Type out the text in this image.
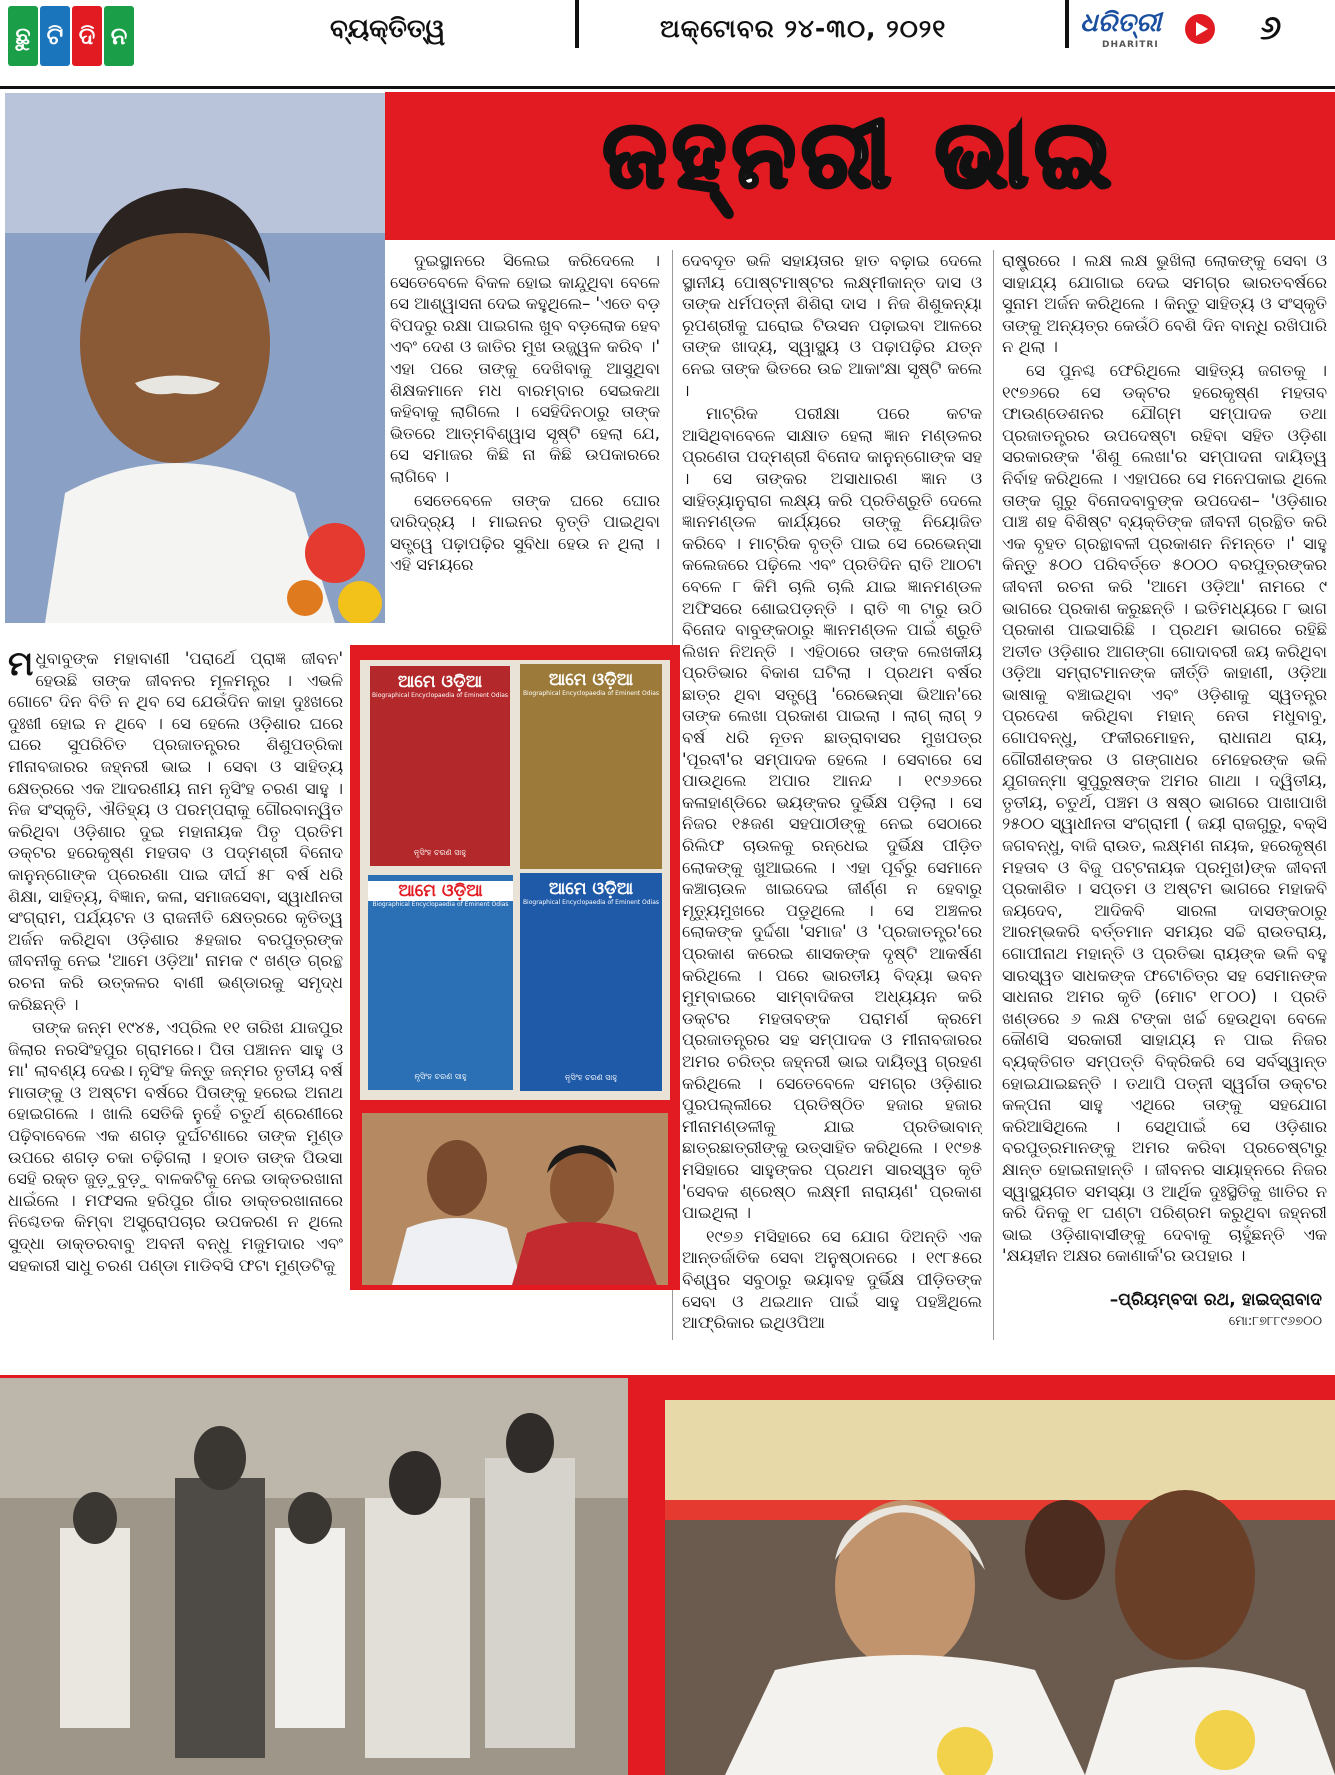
ଛୁ ଟି ଦି ନ	ବ୍ୟକ୍ତିତ୍ୱ	ଅକ୍ଟୋବର ୨୪-୩୦, ୨୦୨୧	ଧରିତ୍ରୀ
DHARITRI	୬
ଜହ୍ନରୀ ଭାଇ

ଦୁଇସ୍ଥାନରେ ସିଲେଇ କରିଦେଲେ । ସେତେବେଳେ ବିକଳ ହୋଇ କାନ୍ଦୁଥିବା ବେଳେ ସେ ଆଶ୍ୱାସନା ଦେଇ କହୁଥିଲେ– 'ଏତେ ବଡ଼ ବିପଦରୁ ରକ୍ଷା ପାଇଗଲ ଖୁବ ବଡ଼ଲୋକ ହେବ ଏବଂ ଦେଶ ଓ ଜାତିର ମୁଖ ଉଜ୍ଜ୍ୱଳ କରିବ ।' ଏହା ପରେ ତାଙ୍କୁ ଦେଖିବାକୁ ଆସୁଥିବା ଶିକ୍ଷକମାନେ ମଧ ବାରମ୍ବାର ସେଇକଥା କହିବାକୁ ଲାଗିଲେ । ସେହିଦିନଠାରୁ ତାଙ୍କ ଭିତରେ ଆତ୍ମବିଶ୍ୱାସ ସୃଷ୍ଟି ହେଲା ଯେ, ସେ ସମାଜର କିଛି ନା କିଛି ଉପକାରରେ ଲାଗିବେ ।

ସେତେବେଳେ ତାଙ୍କ ଘରେ ଘୋର ଦାରିଦ୍ର୍ୟ । ମାଇନର ବୃତ୍ତି ପାଇଥିବା ସତ୍ତ୍ୱେ ପଢ଼ାପଢ଼ିର ସୁବିଧା ହେଉ ନ ଥିଲା । ଏହି ସମୟରେ

ଦେବଦୂତ ଭଳି ସହାୟତାର ହାତ ବଢ଼ାଇ ଦେଲେ ସ୍ଥାନୀୟ ପୋଷ୍ଟମାଷ୍ଟର ଲକ୍ଷ୍ମୀକାନ୍ତ ଦାସ ଓ ତାଙ୍କ ଧର୍ମପତ୍ନୀ ଶିଶିରା ଦାସ । ନିଜ ଶିଶୁକନ୍ୟା ରୂପଶ୍ରୀକୁ ଘରୋଇ ଟିଉସନ ପଢ଼ାଇବା ଆଳରେ ତାଙ୍କ ଖାଦ୍ୟ, ସ୍ୱାସ୍ଥ୍ୟ ଓ ପଢ଼ାପଢ଼ିର ଯତ୍ନ ନେଇ ତାଙ୍କ ଭିତରେ ଉଚ୍ଚ ଆକାଂକ୍ଷା ସୃଷ୍ଟି କଲେ ।

ମାଟ୍ରିକ ପରୀକ୍ଷା ପରେ କଟକ ଆସିଥିବାବେଳେ ସାକ୍ଷାତ ହେଲା ଜ୍ଞାନ ମଣ୍ଡଳର ପ୍ରଣେତା ପଦ୍ମଶ୍ରୀ ବିନୋଦ କାନୁନ୍‌ଗୋଙ୍କ ସହ । ସେ ତାଙ୍କର ଅସାଧାରଣ ଜ୍ଞାନ ଓ ସାହିତ୍ୟାନୁରାଗ ଲକ୍ଷ୍ୟ କରି ପ୍ରତିଶ୍ରୁତି ଦେଲେ ଜ୍ଞାନମଣ୍ଡଳ କାର୍ଯ୍ୟରେ ତାଙ୍କୁ ନିୟୋଜିତ କରିବେ । ମାଟ୍ରିକ ବୃତ୍ତି ପାଇ ସେ ରେଭେନ୍ସା କଲେଜରେ ପଢ଼ିଲେ ଏବଂ ପ୍ରତିଦିନ ରାତି ଆଠଟା ବେଳେ ୮ କିମି ଚାଲି ଚାଲି ଯାଇ ଜ୍ଞାନମଣ୍ଡଳ ଅଫିସରେ ଶୋଇପଡ଼ନ୍ତି । ରାତି ୩ ଟାରୁ ଉଠି ବିନୋଦ ବାବୁଙ୍କଠାରୁ ଜ୍ଞାନମଣ୍ଡଳ ପାଇଁ ଶ୍ରୁତି ଲିଖନ ନିଅନ୍ତି । ଏହିଠାରେ ତାଙ୍କ ଲେଖକୀୟ ପ୍ରତିଭାର ବିକାଶ ଘଟିଲା । ପ୍ରଥମ ବର୍ଷର ଛାତ୍ର ଥିବା ସତ୍ତ୍ୱେ 'ରେଭେନ୍ସା ଭିଆନ'ରେ ତାଙ୍କ ଲେଖା ପ୍ରକାଶ ପାଇଲା । ଲାଗ୍ ଲାଗ୍ ୨ ବର୍ଷ ଧରି ନୂତନ ଛାତ୍ରାବାସର ମୁଖପତ୍ର 'ପୂରବୀ'ର ସମ୍ପାଦକ ହେଲେ । ସେବାରେ ସେ ପାଉଥିଲେ ଅପାର ଆନନ୍ଦ । ୧୯୬୬ରେ କଳାହାଣ୍ଡିରେ ଭୟଙ୍କର ଦୁର୍ଭିକ୍ଷ ପଡ଼ିଲା । ସେ ନିଜର ୧୫ଜଣ ସହପାଠୀଙ୍କୁ ନେଇ ସେଠାରେ ରିଲିଫ ଚାଉଳକୁ ରନ୍ଧେଇ ଦୁର୍ଭିକ୍ଷ ପୀଡ଼ିତ ଲୋକଙ୍କୁ ଖୁଆଇଲେ । ଏହା ପୂର୍ବରୁ ସେମାନେ କଞ୍ଚାଚାଉଳ ଖାଇଦେଇ ଜୀର୍ଣ୍ଣ ନ ହେବାରୁ ମୃତ୍ୟୁମୁଖରେ ପଡୁଥିଲେ । ସେ ଅଞ୍ଚଳର ଲୋକଙ୍କ ଦୁର୍ଦ୍ଦଶା 'ସମାଜ' ଓ 'ପ୍ରଜାତନ୍ତ୍ର'ରେ ପ୍ରକାଶ କରେଇ ଶାସକଙ୍କ ଦୃଷ୍ଟି ଆକର୍ଷଣ କରିଥିଲେ । ପରେ ଭାରତୀୟ ବିଦ୍ୟା ଭବନ ମୁମ୍ବାଇରେ ସାମ୍ବାଦିକତା ଅଧ୍ୟୟନ କରି ଡକ୍ଟର ମହତାବଙ୍କ ପରାମର୍ଶ କ୍ରମେ ପ୍ରଜାତନ୍ତ୍ରର ସହ ସମ୍ପାଦକ ଓ ମୀନାବଜାରର ଅମର ଚରିତ୍ର ଜହ୍ନରୀ ଭାଇ ଦାୟିତ୍ୱ ଗ୍ରହଣ କରିଥିଲେ । ସେତେବେଳେ ସମଗ୍ର ଓଡ଼ିଶାର ପୁରପଲ୍ଲୀରେ ପ୍ରତିଷ୍ଠିତ ହଜାର ହଜାର ମୀନାମଣ୍ଡଳୀକୁ ଯାଇ ପ୍ରତିଭାବାନ୍ ଛାତ୍ରଛାତ୍ରୀଙ୍କୁ ଉତ୍ସାହିତ କରିଥିଲେ । ୧୯୭୫ ମସିହାରେ ସାହୁଙ୍କର ପ୍ରଥମ ସାରସ୍ୱତ କୃତି 'ସେବକ ଶ୍ରେଷ୍ଠ ଲକ୍ଷ୍ମୀ ନାରାୟଣ' ପ୍ରକାଶ ପାଇଥିଲା ।

୧୯୭୬ ମସିହାରେ ସେ ଯୋଗ ଦିଅନ୍ତି ଏକ ଆନ୍ତର୍ଜାତିକ ସେବା ଅନୁଷ୍ଠାନରେ । ୧୯୮୫ରେ ବିଶ୍ୱର ସବୁଠାରୁ ଭୟାବହ ଦୁର୍ଭିକ୍ଷ ପୀଡ଼ିତଙ୍କ ସେବା ଓ ଥଇଥାନ ପାଇଁ ସାହୁ ପହଞ୍ଚିଥିଲେ ଆଫ୍ରିକାର ଇଥିଓପିଆ

ରାଷ୍ଟ୍ରରେ । ଲକ୍ଷ ଲକ୍ଷ ଭୁଖିଲା ଲୋକଙ୍କୁ ସେବା ଓ ସାହାଯ୍ୟ ଯୋଗାଇ ଦେଇ ସମଗ୍ର ଭାରତବର୍ଷରେ ସୁନାମ ଅର୍ଜନ କରିଥିଲେ । କିନ୍ତୁ ସାହିତ୍ୟ ଓ ସଂସ୍କୃତି ତାଙ୍କୁ ଅନ୍ୟତ୍ର କେଉଁଠି ବେଶି ଦିନ ବାନ୍ଧି ରଖିପାରି ନ ଥିଲା ।

ସେ ପୁନଶ୍ଚ ଫେରିଥିଲେ ସାହିତ୍ୟ ଜଗତକୁ । ୧୯୭୬ରେ ସେ ଡକ୍ଟର ହରେକୃଷ୍ଣ ମହତାବ ଫାଉଣ୍ଡେଶନର ଯୌଗ୍ମ ସମ୍ପାଦକ ତଥା ପ୍ରଜାତନ୍ତ୍ରର ଉପଦେଷ୍ଟା ରହିବା ସହିତ ଓଡ଼ିଶା ସରକାରଙ୍କ 'ଶିଶୁ ଲେଖା'ର ସମ୍ପାଦନା ଦାୟିତ୍ୱ ନିର୍ବାହ କରିଥିଲେ । ଏହାପରେ ସେ ମନେପକାଇ ଥିଲେ ତାଙ୍କ ଗୁରୁ ବିନୋଦବାବୁଙ୍କ ଉପଦେଶ– 'ଓଡ଼ିଶାର ପାଞ୍ଚ ଶହ ବିଶିଷ୍ଟ ବ୍ୟକ୍ତିଙ୍କ ଜୀବନୀ ଗ୍ରନ୍ଥିତ କରି ଏକ ବୃହତ ଗ୍ରନ୍ଥାବଳୀ ପ୍ରକାଶନ ନିମନ୍ତେ ।' ସାହୁ କିନ୍ତୁ ୫୦୦ ପରିବର୍ତ୍ତେ ୫୦୦୦ ବରପୁତ୍ରଙ୍କର ଜୀବନୀ ରଚନା କରି 'ଆମେ ଓଡ଼ିଆ' ନାମରେ ୯ ଭାଗରେ ପ୍ରକାଶ କରୁଛନ୍ତି । ଇତିମଧ୍ୟରେ ୮ ଭାଗ ପ୍ରକାଶ ପାଇସାରିଛି । ପ୍ରଥମ ଭାଗରେ ରହିଛି ଅତୀତ ଓଡ଼ିଶାର ଆଗଙ୍ଗା ଗୋଦାବରୀ ଜୟ କରିଥିବା ଓଡ଼ିଆ ସମ୍ରାଟମାନଙ୍କ କୀର୍ତ୍ତି କାହାଣୀ, ଓଡ଼ିଆ ଭାଷାକୁ ବଞ୍ଚାଇଥିବା ଏବଂ ଓଡ଼ିଶାକୁ ସ୍ୱତନ୍ତ୍ର ପ୍ରଦେଶ କରିଥିବା ମହାନ୍ ନେତା ମଧୁବାବୁ, ଗୋପବନ୍ଧୁ, ଫକୀରମୋହନ, ରାଧାନାଥ ରାୟ, ଗୌରୀଶଙ୍କର ଓ ଗଙ୍ଗାଧର ମେହେରଙ୍କ ଭଳି ଯୁଗଜନ୍ମା ସୁପୁରୁଷଙ୍କ ଅମର ଗାଥା । ଦ୍ୱିତୀୟ, ତୃତୀୟ, ଚତୁର୍ଥ, ପଞ୍ଚମ ଓ ଷଷ୍ଠ ଭାଗରେ ପାଖାପାଖି ୨୫୦୦ ସ୍ୱାଧୀନତା ସଂଗ୍ରାମୀ ( ଜୟୀ ରାଜଗୁରୁ, ବକ୍ସି ଜଗବନ୍ଧୁ, ବାଜି ରାଉତ, ଲକ୍ଷ୍ମଣ ନାୟକ, ହରେକୃଷ୍ଣ ମହତାବ ଓ ବିଜୁ ପଟ୍ଟନାୟକ ପ୍ରମୁଖ)ଙ୍କ ଜୀବନୀ ପ୍ରକାଶିତ । ସପ୍ତମ ଓ ଅଷ୍ଟମ ଭାଗରେ ମହାକବି ଜୟଦେବ, ଆଦିକବି ସାରଳା ଦାସଙ୍କଠାରୁ ଆରମ୍ଭକରି ବର୍ତ୍ତମାନ ସମୟର ସଚ୍ଚି ରାଉତରାୟ, ଗୋପୀନାଥ ମହାନ୍ତି ଓ ପ୍ରତିଭା ରାୟଙ୍କ ଭଳି ବହୁ ସାରସ୍ୱତ ସାଧକଙ୍କ ଫଟୋଚିତ୍ର ସହ ସେମାନଙ୍କ ସାଧନାର ଅମର କୃତି (ମୋଟ ୧୮୦୦) । ପ୍ରତି ଖଣ୍ଡରେ ୬ ଲକ୍ଷ ଟଙ୍କା ଖର୍ଚ୍ଚ ହେଉଥିବା ବେଳେ କୌଣସି ସରକାରୀ ସାହାଯ୍ୟ ନ ପାଇ ନିଜର ବ୍ୟକ୍ତିଗତ ସମ୍ପତ୍ତି ବିକ୍ରିକରି ସେ ସର୍ବସ୍ୱାନ୍ତ ହୋଇଯାଇଛନ୍ତି । ତଥାପି ପତ୍ନୀ ସ୍ୱର୍ଗତା ଡକ୍ଟର କଳ୍ପନା ସାହୁ ଏଥିରେ ତାଙ୍କୁ ସହଯୋଗ କରିଆସିଥିଲେ । ସେଥିପାଇଁ ସେ ଓଡ଼ିଶାର ବରପୁତ୍ରମାନଙ୍କୁ ଅମର କରିବା ପ୍ରଚେଷ୍ଟାରୁ କ୍ଷାନ୍ତ ହୋଇନାହାନ୍ତି । ଜୀବନର ସାୟାହ୍ନରେ ନିଜର ସ୍ୱାସ୍ଥ୍ୟଗତ ସମସ୍ୟା ଓ ଆର୍ଥିକ ଦୁଃସ୍ଥିତିକୁ ଖାତିର ନ କରି ଦିନକୁ ୧୮ ଘଣ୍ଟା ପରିଶ୍ରମ କରୁଥିବା ଜହ୍ନରୀ ଭାଇ ଓଡ଼ିଶାବାସୀଙ୍କୁ ଦେବାକୁ ଚାହୁଁଛନ୍ତି ଏକ 'କ୍ଷୟହୀନ ଅକ୍ଷର କୋଣାର୍କ'ର ଉପହାର ।

–ପ୍ରିୟମ୍ବଦା ରଥ, ହାଇଦ୍ରାବାଦ
ମୋ:୮୭୮୮୯୬୭୦୦

ମଧୁବାବୁଙ୍କ ମହାବାଣୀ 'ପରାର୍ଥେ ପ୍ରାଜ୍ଞ ଜୀବନ' ହେଉଛି ତାଙ୍କ ଜୀବନର ମୂଳମନ୍ତ୍ର । ଏଭଳି ଗୋଟେ ଦିନ ବିତି ନ ଥିବ ସେ ଯେଉଁଦିନ କାହା ଦୁଃଖରେ ଦୁଃଖୀ ହୋଇ ନ ଥିବେ । ସେ ହେଲେ ଓଡ଼ିଶାର ଘରେ ଘରେ ସୁପରିଚିତ ପ୍ରଜାତନ୍ତ୍ରର ଶିଶୁପତ୍ରିକା ମୀନାବଜାରର ଜହ୍ନରୀ ଭାଇ । ସେବା ଓ ସାହିତ୍ୟ କ୍ଷେତ୍ରରେ ଏକ ଆଦରଣୀୟ ନାମ ନୃସିଂହ ଚରଣ ସାହୁ । ନିଜ ସଂସ୍କୃତି, ଐତିହ୍ୟ ଓ ପରମ୍ପରାକୁ ଗୌରବାନ୍ୱିତ କରିଥିବା ଓଡ଼ିଶାର ଦୁଇ ମହାନାୟକ ପିତୃ ପ୍ରତିମ ଡକ୍ଟର ହରେକୃଷ୍ଣ ମହତାବ ଓ ପଦ୍ମଶ୍ରୀ ବିନୋଦ କାନୁନ୍‌ଗୋଙ୍କ ପ୍ରେରଣା ପାଇ ଦୀର୍ଘ ୫୮ ବର୍ଷ ଧରି ଶିକ୍ଷା, ସାହିତ୍ୟ, ବିଜ୍ଞାନ, କଳା, ସମାଜସେବା, ସ୍ୱାଧୀନତା ସଂଗ୍ରାମ, ପର୍ଯ୍ୟଟନ ଓ ରାଜନୀତି କ୍ଷେତ୍ରରେ କୃତିତ୍ୱ ଅର୍ଜନ କରିଥିବା ଓଡ଼ିଶାର ୫ହଜାର ବରପୁତ୍ରଙ୍କ ଜୀବନୀକୁ ନେଇ 'ଆମେ ଓଡ଼ିଆ' ନାମକ ୯ ଖଣ୍ଡ ଗ୍ରନ୍ଥ ରଚନା କରି ଉତ୍କଳର ବାଣୀ ଭଣ୍ଡାରକୁ ସମୃଦ୍ଧ କରିଛନ୍ତି ।

ତାଙ୍କ ଜନ୍ମ ୧୯୪୫, ଏପ୍ରିଲ ୧୧ ତାରିଖ ଯାଜପୁର ଜିଲାର ନରସିଂହପୁର ଗ୍ରାମରେ। ପିତା ପଞ୍ଚାନନ ସାହୁ ଓ ମା' ଲାବଣ୍ୟ ଦେଈ। ନୃସିଂହ କିନ୍ତୁ ଜନ୍ମର ତୃତୀୟ ବର୍ଷ ମାତାଙ୍କୁ ଓ ଅଷ୍ଟମ ବର୍ଷରେ ପିତାଙ୍କୁ ହରେଇ ଅନାଥ ହୋଇଗଲେ । ଖାଲି ସେତିକି ନୁହେଁ ଚତୁର୍ଥ ଶ୍ରେଣୀରେ ପଢ଼ିବାବେଳେ ଏକ ଶଗଡ଼ ଦୁର୍ଘଟଣାରେ ତାଙ୍କ ମୁଣ୍ଡ ଉପରେ ଶଗଡ଼ ଚକା ଚଢ଼ିଗଲା । ହଠାତ ତାଙ୍କ ପିଉସା ସେହି ରକ୍ତ ଜୁଡ଼ୁବୁଡ଼ୁ ବାଳକଟିକୁ ନେଇ ଡାକ୍ତରଖାନା ଧାଇଁଲେ । ମଫସଲ ହରିପୁର ଗାଁର ଡାକ୍ତରଖାନାରେ ନିଶ୍ଚେତକ କିମ୍ବା ଅସ୍ତ୍ରୋପଚାର ଉପକରଣ ନ ଥିଲେ ସୁଦ୍ଧା ଡାକ୍ତରବାବୁ ଅବନୀ ବନ୍ଧୁ ମଜୁମଦାର ଏବଂ ସହକାରୀ ସାଧୁ ଚରଣ ପଣ୍ଡା ମାଡିବସି ଫଟା ମୁଣ୍ଡଟିକୁ

ଆମେ ଓଡ଼ିଆ
Biographical Encyclopaedia of Eminent Odias
ନୃସିଂହ ଚରଣ ସାହୁ
ଆମେ ଓଡ଼ିଆ
Biographical Encyclopaedia of Eminent Odias
ଆମେ ଓଡ଼ିଆ
Biographical Encyclopaedia of Eminent Odias
ନୃସିଂହ ଚରଣ ସାହୁ
ଆମେ ଓଡ଼ିଆ
Biographical Encyclopaedia of Eminent Odias
ନୃସିଂହ ଚରଣ ସାହୁ
